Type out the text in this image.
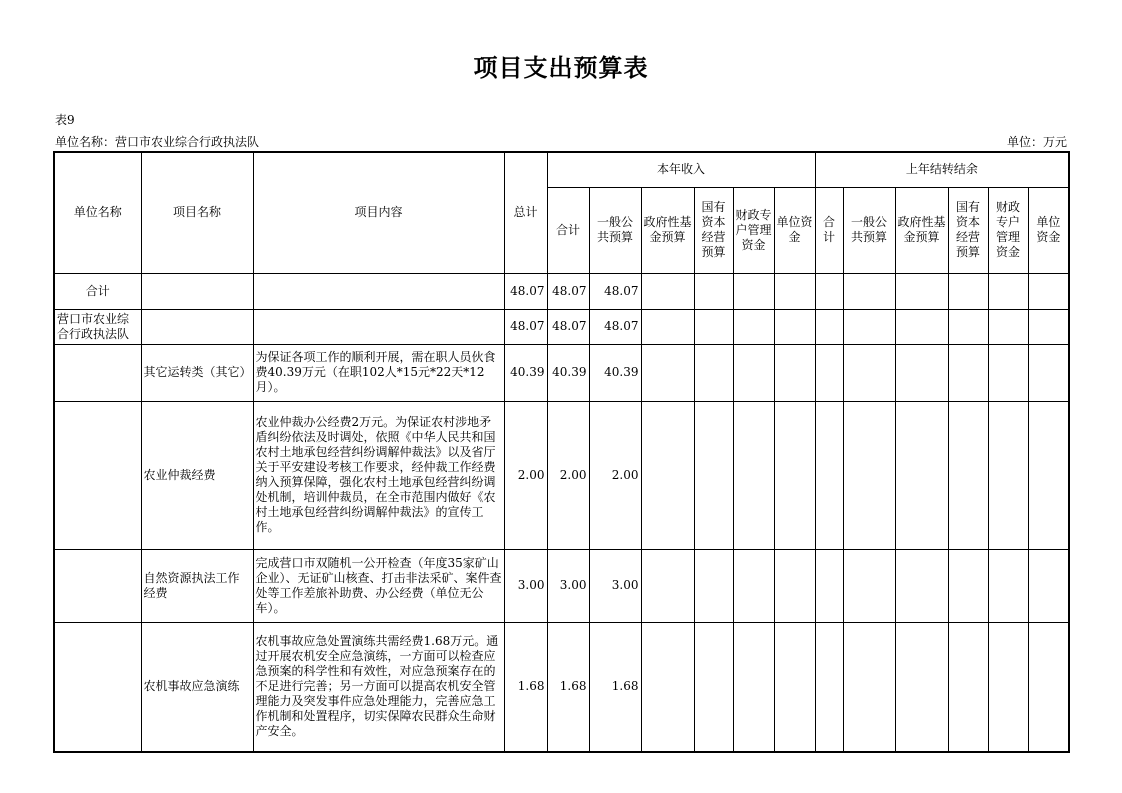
项目支出预算表
表9
单位名称：营口市农业综合行政执法队	单位：万元
单位名称	项目名称	项目内容	总计	本年收入						上年结转结余					
				合计	一般公共预算	政府性基金预算	国有资本经营预算	财政专户管理资金	单位资金	合计	一般公共预算	政府性基金预算	国有资本经营预算	财政专户管理资金	单位资金
合计			48.07	48.07	48.07										
营口市农业综合行政执法队			48.07	48.07	48.07										
	其它运转类（其它）	为保证各项工作的顺利开展，需在职人员伙食费40.39万元（在职102人*15元*22天*12月）。	40.39	40.39	40.39										
	农业仲裁经费	农业仲裁办公经费2万元。为保证农村涉地矛盾纠纷依法及时调处，依照《中华人民共和国农村土地承包经营纠纷调解仲裁法》以及省厅关于平安建设考核工作要求，经仲裁工作经费纳入预算保障，强化农村土地承包经营纠纷调处机制，培训仲裁员，在全市范围内做好《农村土地承包经营纠纷调解仲裁法》的宣传工作。	2.00	2.00	2.00										
	自然资源执法工作经费	完成营口市双随机一公开检查（年度35家矿山企业）、无证矿山核查、打击非法采矿、案件查处等工作差旅补助费、办公经费（单位无公车）。	3.00	3.00	3.00										
	农机事故应急演练	农机事故应急处置演练共需经费1.68万元。通过开展农机安全应急演练，一方面可以检查应急预案的科学性和有效性，对应急预案存在的不足进行完善；另一方面可以提高农机安全管理能力及突发事件应急处理能力，完善应急工作机制和处置程序，切实保障农民群众生命财产安全。	1.68	1.68	1.68										
